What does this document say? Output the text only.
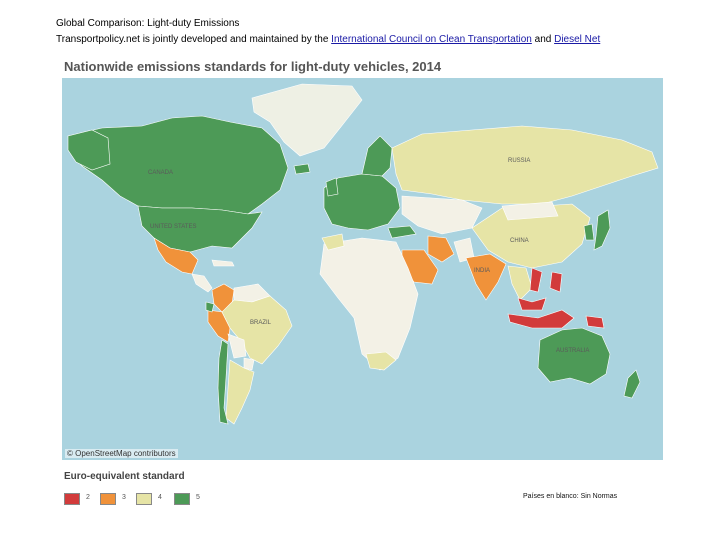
Global Comparison: Light-duty Emissions
Transportpolicy.net is jointly developed and maintained by the International Council on Clean Transportation and Diesel Net
Nationwide emissions standards for light-duty vehicles, 2014
CANADA
UNITED STATES
RUSSIA
CHINA
INDIA
BRAZIL
AUSTRALIA
© OpenStreetMap contributors
Euro-equivalent standard
2	3	4	5	Países en blanco: Sin Normas
